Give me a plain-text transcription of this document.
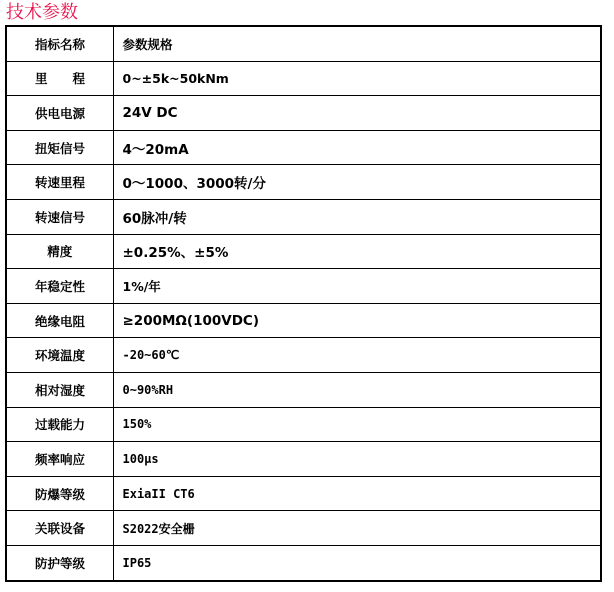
技术参数
指标名称	参数规格
里　　程	0~±5k~50kNm
供电电源	24V DC
扭矩信号	4～20mA
转速里程	0～1000、3000转/分
转速信号	60脉冲/转
精度	±0.25%、±5%
年稳定性	1%/年
绝缘电阻	≥200MΩ(100VDC)
环境温度	-20~60℃
相对湿度	0~90%RH
过载能力	150%
频率响应	100μs
防爆等级	ExiaII CT6
关联设备	S2022安全栅
防护等级	IP65
